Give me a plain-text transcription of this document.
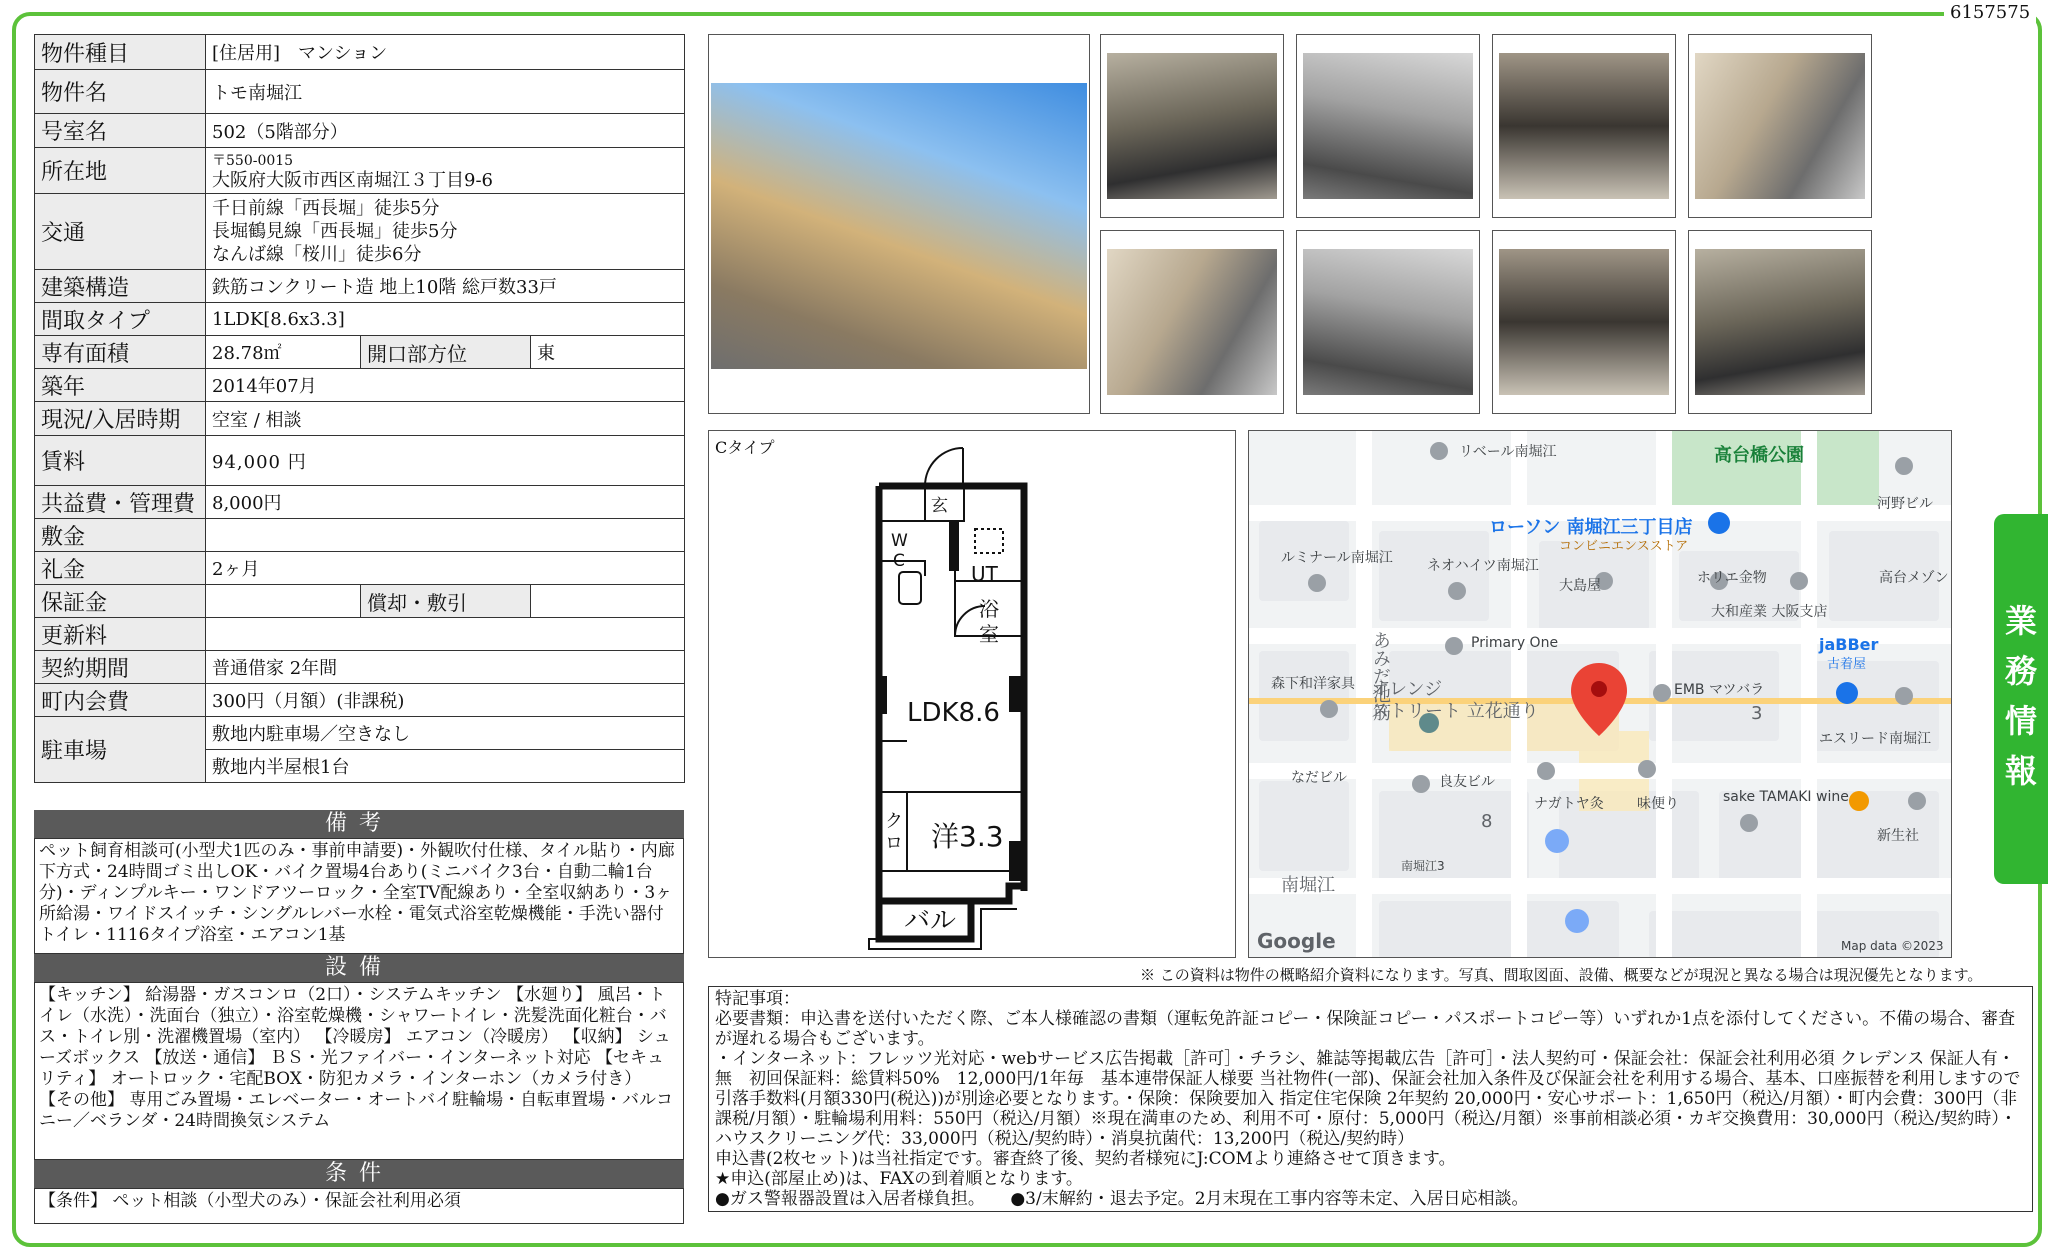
6157575
物件種目	[住居用]　マンション		
物件名	トモ南堀江		
号室名	502（5階部分）		
所在地	〒550-0015
大阪府大阪市西区南堀江３丁目9-6		

交通	千日前線「西長堀」徒歩5分
長堀鶴見線「西長堀」徒歩5分
なんば線「桜川」徒歩6分		

建築構造	鉄筋コンクリート造 地上10階 総戸数33戸		
間取タイプ	1LDK[8.6x3.3]		
専有面積	28.78㎡	開口部方位	東
築年	2014年07月		
現況/入居時期	空室 / 相談		
賃料	94,000 円		
共益費・管理費	8,000円		
敷金			
礼金	2ヶ月		
保証金		償却・敷引	
更新料			
契約期間	普通借家 2年間		
町内会費	300円（月額）(非課税)		
駐車場	敷地内駐車場／空きなし		
	敷地内半屋根1台		
備考
ペット飼育相談可(小型犬1匹のみ・事前申請要)・外観吹付仕様、タイル貼り・内廊下方式・24時間ゴミ出しOK・バイク置場4台あり(ミニバイク3台・自動二輪1台分)・ディンプルキー・ワンドアツーロック・全室TV配線あり・全室収納あり・3ヶ所給湯・ワイドスイッチ・シングルレバー水栓・電気式浴室乾燥機能・手洗い器付トイレ・1116タイプ浴室・エアコン1基
設備
【キッチン】 給湯器・ガスコンロ（2口）・システムキッチン 【水廻り】 風呂・トイレ（水洗）・洗面台（独立）・浴室乾燥機・シャワートイレ・洗髪洗面化粧台・バス・トイレ別・洗濯機置場（室内） 【冷暖房】 エアコン（冷暖房） 【収納】 シューズボックス 【放送・通信】 ＢＳ・光ファイバー・インターネット対応 【セキュリティ】 オートロック・宅配BOX・防犯カメラ・インターホン（カメラ付き） 【その他】 専用ごみ置場・エレベーター・オートバイ駐輪場・自転車置場・バルコニー／ベランダ・24時間換気システム
条件
【条件】 ペット相談（小型犬のみ）・保証会社利用必須
Cタイプ
玄
W
C
UT
浴
室
LDK8.6
ク
ロ 洋3.3
バル
リベール南堀江	高台橋公園
河野ビル
ローソン 南堀江三丁目店
コンビニエンスストア
ルミナール南堀江 ネオハイツ南堀江
大島屋	ホリエ金物	高台メゾン
大和産業 大阪支店
Primary One	jaBBer
古着屋
森下和洋家具	EMB マツバラ
エスリード南堀江
オレンジ
ストリート 立花通り
あみだ池筋
なだビル	良友ビル
ナガトヤ灸 味便り	sake TAMAKI wine
新生社
南堀江3
南堀江
8
3
Google	Map data ©2023
※ この資料は物件の概略紹介資料になります。写真、間取図面、設備、概要などが現況と異なる場合は現況優先となります。
特記事項：
必要書類：申込書を送付いただく際、ご本人様確認の書類（運転免許証コピー・保険証コピー・パスポートコピー等）いずれか1点を添付してください。不備の場合、審査が遅れる場合もございます。
・インターネット：フレッツ光対応・webサービス広告掲載［許可］・チラシ、雑誌等掲載広告［許可］・法人契約可・保証会社：保証会社利用必須 クレデンス 保証人有・無　初回保証料：総賃料50%　12,000円/1年毎　基本連帯保証人様要 当社物件(一部)、保証会社加入条件及び保証会社を利用する場合、基本、口座振替を利用しますので引落手数料(月額330円(税込))が別途必要となります。・保険：保険要加入 指定住宅保険 2年契約 20,000円・安心サポート：1,650円（税込/月額）・町内会費：300円（非課税/月額）・駐輪場利用料：550円（税込/月額）※現在満車のため、利用不可・原付：5,000円（税込/月額）※事前相談必須・カギ交換費用：30,000円（税込/契約時）・ハウスクリーニング代：33,000円（税込/契約時）・消臭抗菌代：13,200円（税込/契約時）
申込書(2枚セット)は当社指定です。審査終了後、契約者様宛にJ:COMより連絡させて頂きます。
★申込(部屋止め)は、FAXの到着順となります。
●ガス警報器設置は入居者様負担。　　●3/末解約・退去予定。2月末現在工事内容等未定、入居日応相談。
業
務
情
報
